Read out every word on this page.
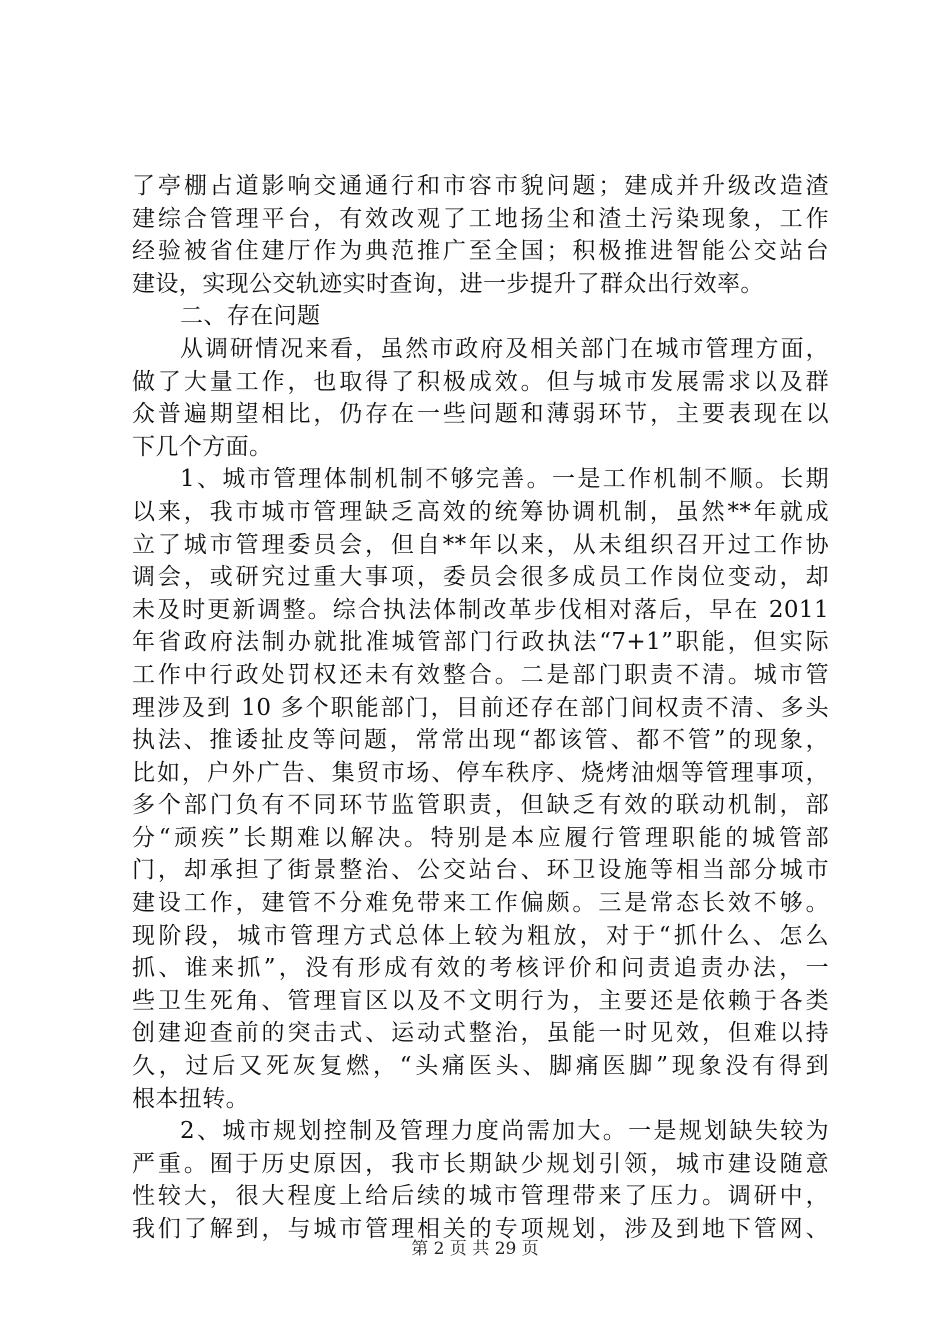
了亭棚占道影响交通通行和市容市貌问题；建成并升级改造渣
建综合管理平台，有效改观了工地扬尘和渣土污染现象，工作
经验被省住建厅作为典范推广至全国；积极推进智能公交站台
建设，实现公交轨迹实时查询，进一步提升了群众出行效率。
二、存在问题
从调研情况来看，虽然市政府及相关部门在城市管理方面，
做了大量工作，也取得了积极成效。但与城市发展需求以及群
众普遍期望相比，仍存在一些问题和薄弱环节，主要表现在以
下几个方面。
1、城市管理体制机制不够完善。一是工作机制不顺。长期
以来，我市城市管理缺乏高效的统筹协调机制，虽然**年就成
立了城市管理委员会，但自**年以来，从未组织召开过工作协
调会，或研究过重大事项，委员会很多成员工作岗位变动，却
未及时更新调整。综合执法体制改革步伐相对落后，早在 2011
年省政府法制办就批准城管部门行政执法“7+1”职能，但实际
工作中行政处罚权还未有效整合。二是部门职责不清。城市管
理涉及到 10 多个职能部门，目前还存在部门间权责不清、多头
执法、推诿扯皮等问题，常常出现“都该管、都不管”的现象，
比如，户外广告、集贸市场、停车秩序、烧烤油烟等管理事项，
多个部门负有不同环节监管职责，但缺乏有效的联动机制，部
分“顽疾”长期难以解决。特别是本应履行管理职能的城管部
门，却承担了街景整治、公交站台、环卫设施等相当部分城市
建设工作，建管不分难免带来工作偏颇。三是常态长效不够。
现阶段，城市管理方式总体上较为粗放，对于“抓什么、怎么
抓、谁来抓”，没有形成有效的考核评价和问责追责办法，一
些卫生死角、管理盲区以及不文明行为，主要还是依赖于各类
创建迎查前的突击式、运动式整治，虽能一时见效，但难以持
久，过后又死灰复燃，“头痛医头、脚痛医脚”现象没有得到
根本扭转。
2、城市规划控制及管理力度尚需加大。一是规划缺失较为
严重。囿于历史原因，我市长期缺少规划引领，城市建设随意
性较大，很大程度上给后续的城市管理带来了压力。调研中，
我们了解到，与城市管理相关的专项规划，涉及到地下管网、
第 2 页 共 29 页
